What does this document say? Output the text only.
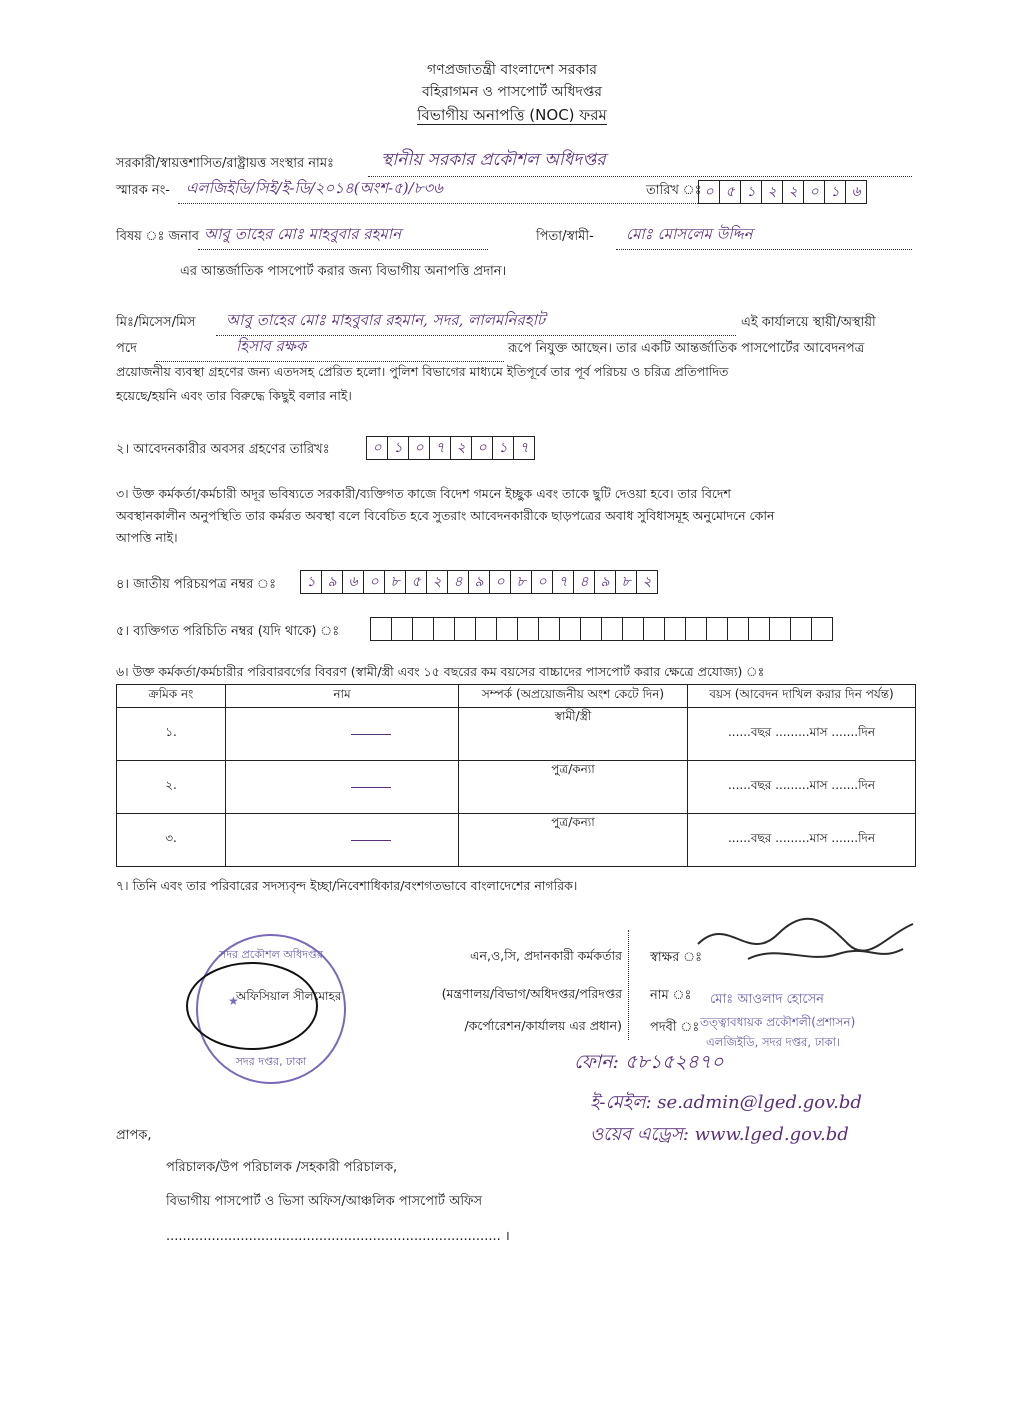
গণপ্রজাতন্ত্রী বাংলাদেশ সরকার
বহিরাগমন ও পাসপোর্ট অধিদপ্তর
বিভাগীয় অনাপত্তি (NOC) ফরম
সরকারী/স্বায়ত্তশাসিত/রাষ্ট্রায়ত্ত সংস্থার নামঃ	স্থানীয় সরকার প্রকৌশল অধিদপ্তর
স্মারক নং- এলজিইডি/সিই/ই-ডি/২০১৪(অংশ-৫)/৮৩৬	তারিখ ঃ ০ ৫ ১ ২ ২ ০ ১ ৬
বিষয় ঃ জনাব আবু তাহের মোঃ মাহবুবার রহমান	পিতা/স্বামী- মোঃ মোসলেম উদ্দিন
এর আন্তর্জাতিক পাসপোর্ট করার জন্য বিভাগীয় অনাপত্তি প্রদান।
মিঃ/মিসেস/মিস আবু তাহের মোঃ মাহবুবার রহমান, সদর, লালমনিরহাট	এই কার্যালয়ে স্থায়ী/অস্থায়ী
পদে	হিসাব রক্ষক	রূপে নিযুক্ত আছেন। তার একটি আন্তর্জাতিক পাসপোর্টের আবেদনপত্র
প্রয়োজনীয় ব্যবস্থা গ্রহণের জন্য এতদসহ প্রেরিত হলো। পুলিশ বিভাগের মাধ্যমে ইতিপূর্বে তার পূর্ব পরিচয় ও চরিত্র প্রতিপাদিত
হয়েছে/হয়নি এবং তার বিরুদ্ধে কিছুই বলার নাই।
২। আবেদনকারীর অবসর গ্রহণের তারিখঃ	০ ১ ০ ৭ ২ ০ ১ ৭
৩। উক্ত কর্মকর্তা/কর্মচারী অদূর ভবিষ্যতে সরকারী/ব্যক্তিগত কাজে বিদেশ গমনে ইচ্ছুক এবং তাকে ছুটি দেওয়া হবে। তার বিদেশ
অবস্থানকালীন অনুপস্থিতি তার কর্মরত অবস্থা বলে বিবেচিত হবে সুতরাং আবেদনকারীকে ছাড়পত্রের অবাধ সুবিধাসমূহ অনুমোদনে কোন
আপত্তি নাই।
৪। জাতীয় পরিচয়পত্র নম্বর ঃ	১ ৯ ৬ ০ ৮ ৫ ২ ৪ ৯ ০ ৮ ০ ৭ ৪ ৯ ৮ ২
৫। ব্যক্তিগত পরিচিতি নম্বর (যদি থাকে) ঃ
৬। উক্ত কর্মকর্তা/কর্মচারীর পরিবারবর্গের বিবরণ (স্বামী/স্ত্রী এবং ১৫ বছরের কম বয়সের বাচ্চাদের পাসপোর্ট করার ক্ষেত্রে প্রযোজ্য) ঃ
ক্রমিক নং	নাম	সম্পর্ক (অপ্রয়োজনীয় অংশ কেটে দিন)	বয়স (আবেদন দাখিল করার দিন পর্যন্ত)
১.		স্বামী/স্ত্রী	......বছর .........মাস .......দিন
২.		পুত্র/কন্যা	......বছর .........মাস .......দিন
৩.		পুত্র/কন্যা	......বছর .........মাস .......দিন
৭। তিনি এবং তার পরিবারের সদস্যবৃন্দ ইচ্ছা/নিবেশাধিকার/বংশগতভাবে বাংলাদেশের নাগরিক।
সদর প্রকৌশল অধিদপ্তর
সদর দপ্তর, ঢাকা
★
অফিসিয়াল সীলমোহর
এন,ও,সি, প্রদানকারী কর্মকর্তার
(মন্ত্রণালয়/বিভাগ/অধিদপ্তর/পরিদপ্তর
/কর্পোরেশন/কার্যালয় এর প্রধান)
স্বাক্ষর ঃ
নাম ঃ মোঃ আওলাদ হোসেন
পদবী ঃ তত্ত্বাবধায়ক প্রকৌশলী(প্রশাসন)
এলজিইডি, সদর দপ্তর, ঢাকা।
ফোন: ৫৮১৫২৪৭০
ই-মেইল: se.admin@lged.gov.bd
ওয়েব এড্রেস: www.lged.gov.bd
প্রাপক,
পরিচালক/উপ পরিচালক /সহকারী পরিচালক,
বিভাগীয় পাসপোর্ট ও ভিসা অফিস/আঞ্চলিক পাসপোর্ট অফিস
................................................................................. ।
